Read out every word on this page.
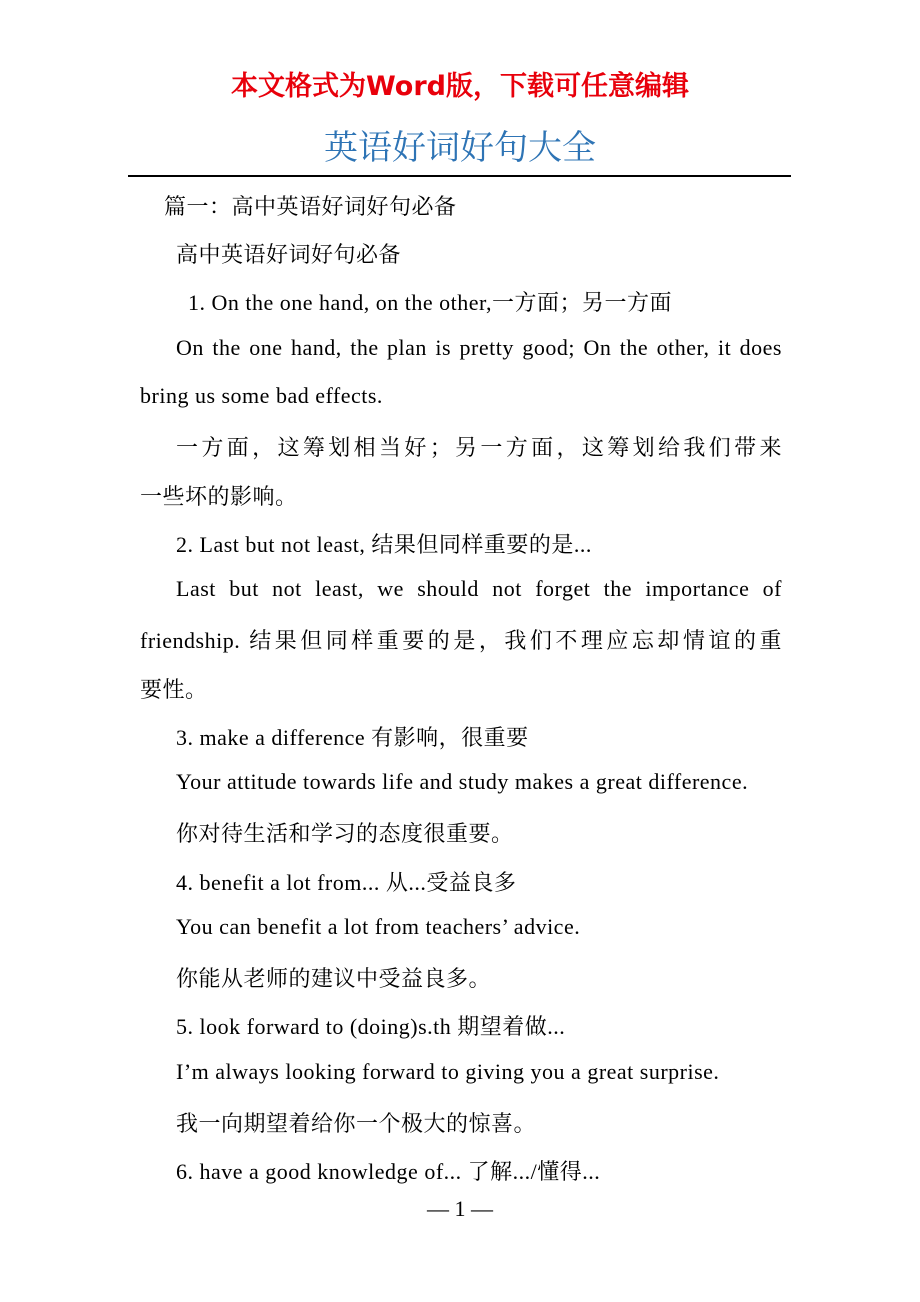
本文格式为Word版，下载可任意编辑
英语好词好句大全
篇一：高中英语好词好句必备
高中英语好词好句必备
1. On the one hand, on the other,一方面；另一方面
On the one hand, the plan is pretty good; On the other, it does
bring us some bad effects.
一方面，这筹划相当好；另一方面，这筹划给我们带来
一些坏的影响。
2. Last but not least, 结果但同样重要的是...
Last but not least, we should not forget the importance of
friendship. 结果但同样重要的是，我们不理应忘却情谊的重
要性。
3. make a difference 有影响，很重要
Your attitude towards life and study makes a great difference.
你对待生活和学习的态度很重要。
4. benefit a lot from... 从...受益良多
You can benefit a lot from teachers’ advice.
你能从老师的建议中受益良多。
5. look forward to (doing)s.th 期望着做...
I’m always looking forward to giving you a great surprise.
我一向期望着给你一个极大的惊喜。
6. have a good knowledge of... 了解.../懂得...
— 1 —
